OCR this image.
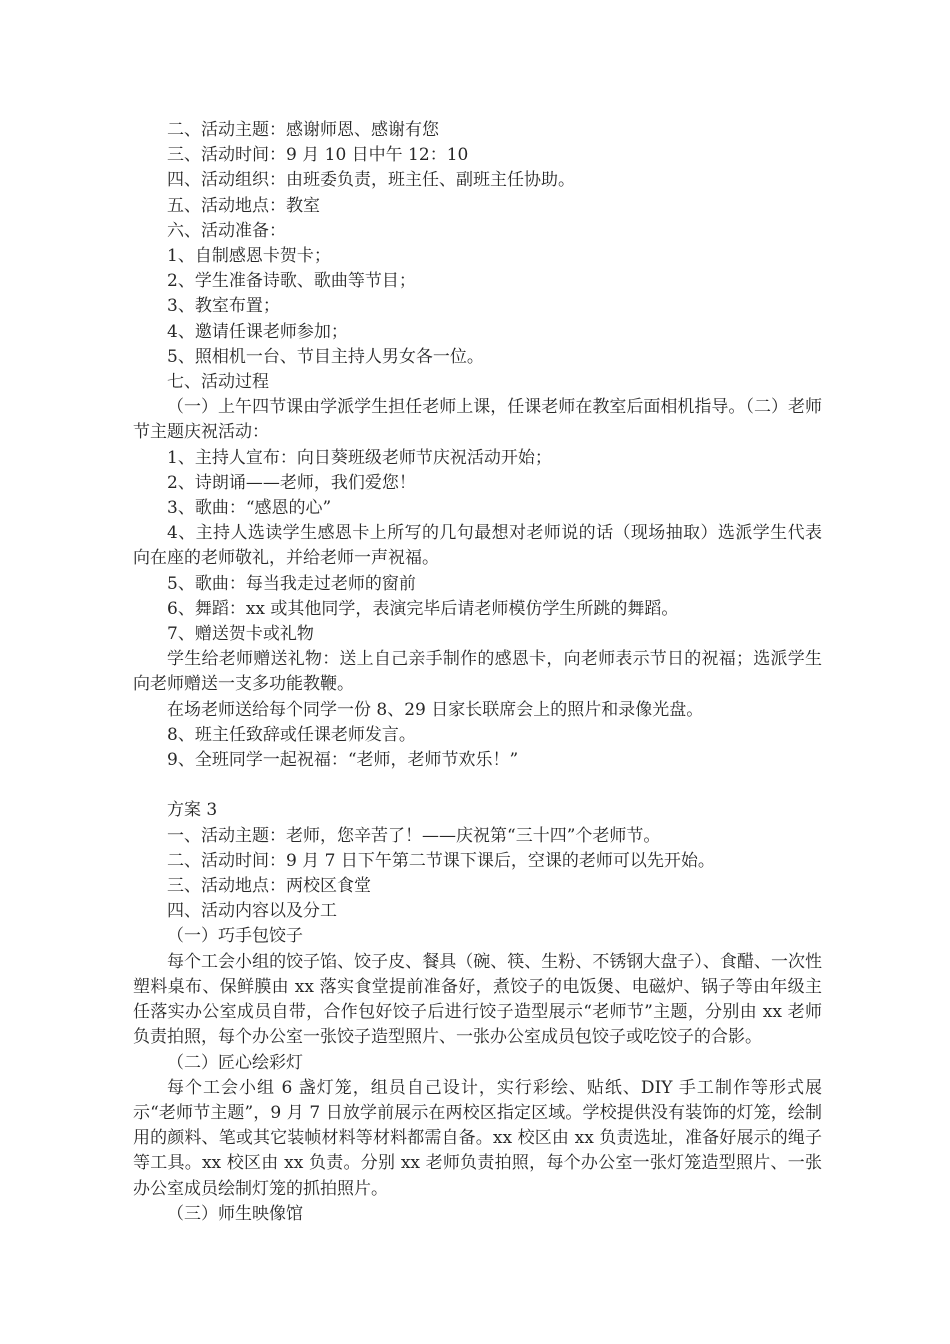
二、活动主题：感谢师恩、感谢有您

三、活动时间：9 月 10 日中午 12：10

四、活动组织：由班委负责，班主任、副班主任协助。

五、活动地点：教室

六、活动准备：

1、自制感恩卡贺卡；

2、学生准备诗歌、歌曲等节目；

3、教室布置；

4、邀请任课老师参加；

5、照相机一台、节目主持人男女各一位。

七、活动过程

（一）上午四节课由学派学生担任老师上课，任课老师在教室后面相机指导。（二）老师节主题庆祝活动：

1、主持人宣布：向日葵班级老师节庆祝活动开始；

2、诗朗诵——老师，我们爱您！

3、歌曲：“感恩的心”

4、主持人选读学生感恩卡上所写的几句最想对老师说的话（现场抽取）选派学生代表向在座的老师敬礼，并给老师一声祝福。

5、歌曲：每当我走过老师的窗前

6、舞蹈：xx 或其他同学，表演完毕后请老师模仿学生所跳的舞蹈。

7、赠送贺卡或礼物

学生给老师赠送礼物：送上自己亲手制作的感恩卡，向老师表示节日的祝福；选派学生向老师赠送一支多功能教鞭。

在场老师送给每个同学一份 8、29 日家长联席会上的照片和录像光盘。

8、班主任致辞或任课老师发言。

9、全班同学一起祝福：“老师，老师节欢乐！”

方案 3

一、活动主题：老师，您辛苦了！——庆祝第“三十四”个老师节。

二、活动时间：9 月 7 日下午第二节课下课后，空课的老师可以先开始。

三、活动地点：两校区食堂

四、活动内容以及分工

（一）巧手包饺子

每个工会小组的饺子馅、饺子皮、餐具（碗、筷、生粉、不锈钢大盘子）、食醋、一次性塑料桌布、保鲜膜由 xx 落实食堂提前准备好，煮饺子的电饭煲、电磁炉、锅子等由年级主任落实办公室成员自带，合作包好饺子后进行饺子造型展示“老师节”主题，分别由 xx 老师负责拍照，每个办公室一张饺子造型照片、一张办公室成员包饺子或吃饺子的合影。

（二）匠心绘彩灯

每个工会小组 6 盏灯笼，组员自己设计，实行彩绘、贴纸、DIY 手工制作等形式展示“老师节主题”，9 月 7 日放学前展示在两校区指定区域。学校提供没有装饰的灯笼，绘制用的颜料、笔或其它装帧材料等材料都需自备。xx 校区由 xx 负责选址，准备好展示的绳子等工具。xx 校区由 xx 负责。分别 xx 老师负责拍照，每个办公室一张灯笼造型照片、一张办公室成员绘制灯笼的抓拍照片。

（三）师生映像馆
